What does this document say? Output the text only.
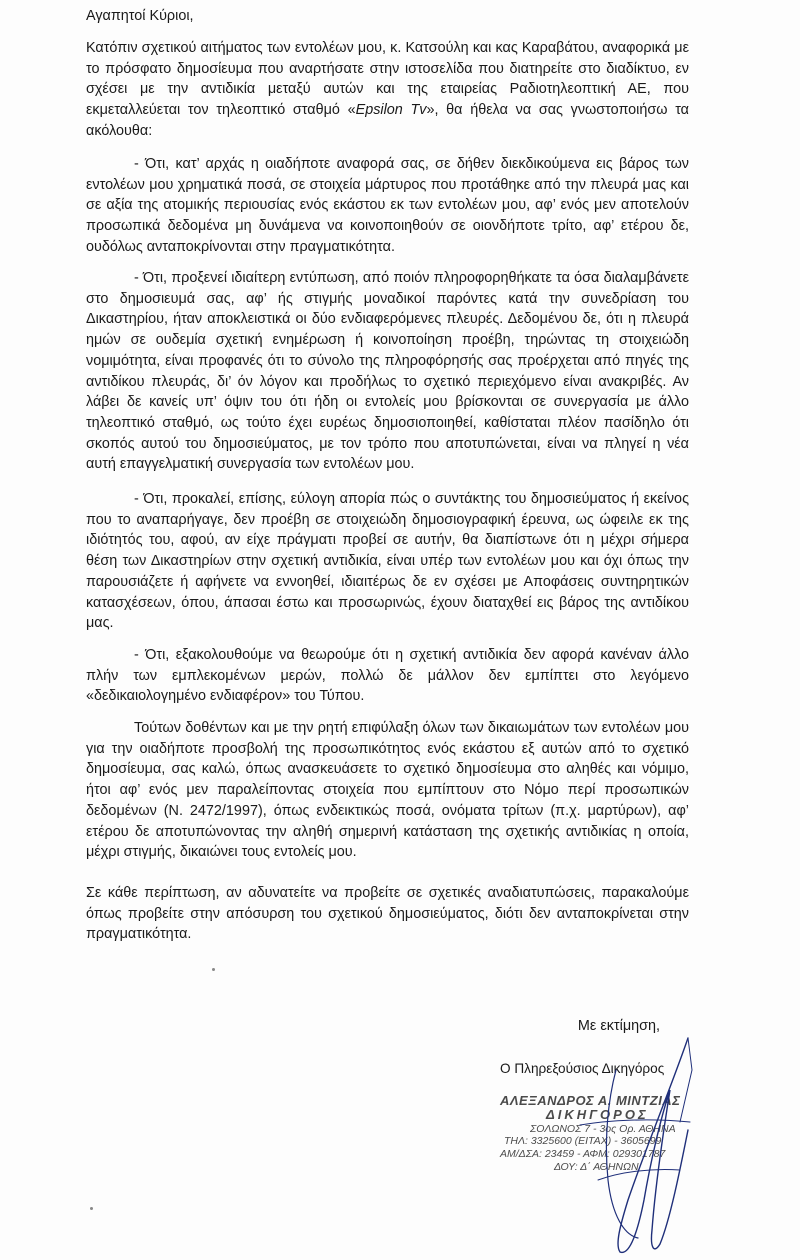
Αγαπητοί Κύριοι,

Κατόπιν σχετικού αιτήματος των εντολέων μου, κ. Κατσούλη και κας Καραβάτου, αναφορικά με το πρόσφατο δημοσίευμα που αναρτήσατε στην ιστοσελίδα που διατηρείτε στο διαδίκτυο, εν σχέσει με την αντιδικία μεταξύ αυτών και της εταιρείας Ραδιοτηλεοπτική ΑΕ, που εκμεταλλεύεται τον τηλεοπτικό σταθμό «Epsilon Tv», θα ήθελα να σας γνωστοποιήσω τα ακόλουθα:

- Ότι, κατ’ αρχάς η οιαδήποτε αναφορά σας, σε δήθεν διεκδικούμενα εις βάρος των εντολέων μου χρηματικά ποσά, σε στοιχεία μάρτυρος που προτάθηκε από την πλευρά μας και σε αξία της ατομικής περιουσίας ενός εκάστου εκ των εντολέων μου, αφ’ ενός μεν αποτελούν προσωπικά δεδομένα μη δυνάμενα να κοινοποιηθούν σε οιονδήποτε τρίτο, αφ’ ετέρου δε, ουδόλως ανταποκρίνονται στην πραγματικότητα.

- Ότι, προξενεί ιδιαίτερη εντύπωση, από ποιόν πληροφορηθήκατε τα όσα διαλαμβάνετε στο δημοσιευμά σας, αφ’ ής στιγμής μοναδικοί παρόντες κατά την συνεδρίαση του Δικαστηρίου, ήταν αποκλειστικά οι δύο ενδιαφερόμενες πλευρές. Δεδομένου δε, ότι η πλευρά ημών σε ουδεμία σχετική ενημέρωση ή κοινοποίηση προέβη, τηρώντας τη στοιχειώδη νομιμότητα, είναι προφανές ότι το σύνολο της πληροφόρησής σας προέρχεται από πηγές της αντιδίκου πλευράς, δι’ όν λόγον και προδήλως το σχετικό περιεχόμενο είναι ανακριβές. Αν λάβει δε κανείς υπ’ όψιν του ότι ήδη οι εντολείς μου βρίσκονται σε συνεργασία με άλλο τηλεοπτικό σταθμό, ως τούτο έχει ευρέως δημοσιοποιηθεί, καθίσταται πλέον πασίδηλο ότι σκοπός αυτού του δημοσιεύματος, με τον τρόπο που αποτυπώνεται, είναι να πληγεί η νέα αυτή επαγγελματική συνεργασία των εντολέων μου.

- Ότι, προκαλεί, επίσης, εύλογη απορία πώς ο συντάκτης του δημοσιεύματος ή εκείνος που το αναπαρήγαγε, δεν προέβη σε στοιχειώδη δημοσιογραφική έρευνα, ως ώφειλε εκ της ιδιότητός του, αφού, αν είχε πράγματι προβεί σε αυτήν, θα διαπίστωνε ότι η μέχρι σήμερα θέση των Δικαστηρίων στην σχετική αντιδικία, είναι υπέρ των εντολέων μου και όχι όπως την παρουσιάζετε ή αφήνετε να εννοηθεί, ιδιαιτέρως δε εν σχέσει με Αποφάσεις συντηρητικών κατασχέσεων, όπου, άπασαι έστω και προσωρινώς, έχουν διαταχθεί εις βάρος της αντιδίκου μας.

- Ότι, εξακολουθούμε να θεωρούμε ότι η σχετική αντιδικία δεν αφορά κανέναν άλλο πλήν των εμπλεκομένων μερών, πολλώ δε μάλλον δεν εμπίπτει στο λεγόμενο «δεδικαιολογημένο ενδιαφέρον» του Τύπου.

Τούτων δοθέντων και με την ρητή επιφύλαξη όλων των δικαιωμάτων των εντολέων μου για την οιαδήποτε προσβολή της προσωπικότητος ενός εκάστου εξ αυτών από το σχετικό δημοσίευμα, σας καλώ, όπως ανασκευάσετε το σχετικό δημοσίευμα στο αληθές και νόμιμο, ήτοι αφ’ ενός μεν παραλείποντας στοιχεία που εμπίπτουν στο Νόμο περί προσωπικών δεδομένων (Ν. 2472/1997), όπως ενδεικτικώς ποσά, ονόματα τρίτων (π.χ. μαρτύρων), αφ’ ετέρου δε αποτυπώνοντας την αληθή σημερινή κατάσταση της σχετικής αντιδικίας η οποία, μέχρι στιγμής, δικαιώνει τους εντολείς μου.

Σε κάθε περίπτωση, αν αδυνατείτε να προβείτε σε σχετικές αναδιατυπώσεις, παρακαλούμε όπως προβείτε στην απόσυρση του σχετικού δημοσιεύματος, διότι δεν ανταποκρίνεται στην πραγματικότητα.

Με εκτίμηση,

Ο Πληρεξούσιος Δικηγόρος

ΑΛΕΞΑΝΔΡΟΣ Α. ΜΙΝΤΖΙΑΣ
ΔΙΚΗΓΟΡΟΣ
ΣΟΛΩΝΟΣ 7 - 3ος Ορ. ΑΘΗΝΑ
ΤΗΛ: 3325600 (ΕΙΤΑΧ) - 3605699
ΑΜ/ΔΣΑ: 23459 - ΑΦΜ: 029301787
ΔΟΥ: Δ΄ ΑΘΗΝΩΝ
